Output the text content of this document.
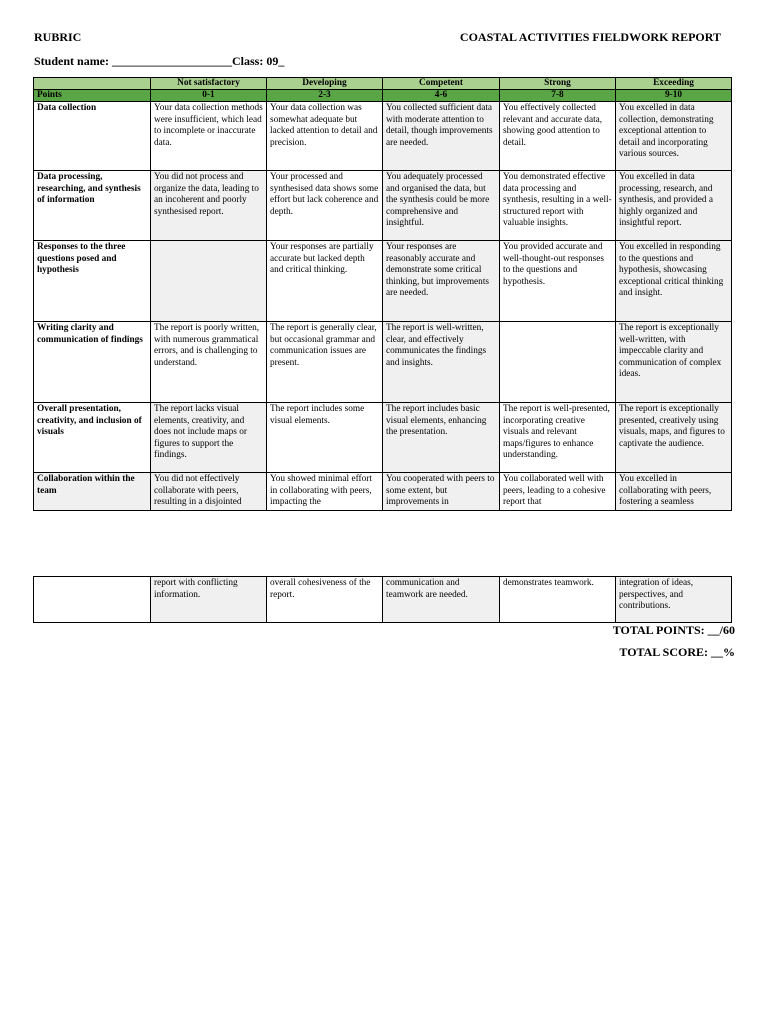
RUBRIC	COASTAL ACTIVITIES FIELDWORK REPORT
Student name: ____________________Class: 09_
	Not satisfactory	Developing	Competent	Strong	Exceeding
Points	0-1	2-3	4-6	7-8	9-10
Data collection	Your data collection methods were insufficient, which lead to incomplete or inaccurate data.	Your data collection was somewhat adequate but lacked attention to detail and precision.	You collected sufficient data with moderate attention to detail, though improvements are needed.	You effectively collected relevant and accurate data, showing good attention to detail.	You excelled in data collection, demonstrating exceptional attention to detail and incorporating various sources.
Data processing, researching, and synthesis of information	You did not process and organize the data, leading to an incoherent and poorly synthesised report.	Your processed and synthesised data shows some effort but lack coherence and depth.	You adequately processed and organised the data, but the synthesis could be more comprehensive and insightful.	You demonstrated effective data processing and synthesis, resulting in a well-structured report with valuable insights.	You excelled in data processing, research, and synthesis, and provided a highly organized and insightful report.
Responses to the three questions posed and hypothesis		Your responses are partially accurate but lacked depth and critical thinking.	Your responses are reasonably accurate and demonstrate some critical thinking, but improvements are needed.	You provided accurate and well-thought-out responses to the questions and hypothesis.	You excelled in responding to the questions and hypothesis, showcasing exceptional critical thinking and insight.
Writing clarity and communication of findings	The report is poorly written, with numerous grammatical errors, and is challenging to understand.	The report is generally clear, but occasional grammar and communication issues are present.	The report is well-written, clear, and effectively communicates the findings and insights.		The report is exceptionally well-written, with impeccable clarity and communication of complex ideas.
Overall presentation, creativity, and inclusion of visuals	The report lacks visual elements, creativity, and does not include maps or figures to support the findings.	The report includes some visual elements.	The report includes basic visual elements, enhancing the presentation.	The report is well-presented, incorporating creative visuals and relevant maps/figures to enhance understanding.	The report is exceptionally presented, creatively using visuals, maps, and figures to captivate the audience.
Collaboration within the team	You did not effectively collaborate with peers, resulting in a disjointed	You showed minimal effort in collaborating with peers, impacting the	You cooperated with peers to some extent, but improvements in	You collaborated well with peers, leading to a cohesive report that	You excelled in collaborating with peers, fostering a seamless
	report with conflicting information.	overall cohesiveness of the report.	communication and teamwork are needed.	demonstrates teamwork.	integration of ideas, perspectives, and contributions.
TOTAL POINTS: __/60
TOTAL SCORE: __%
